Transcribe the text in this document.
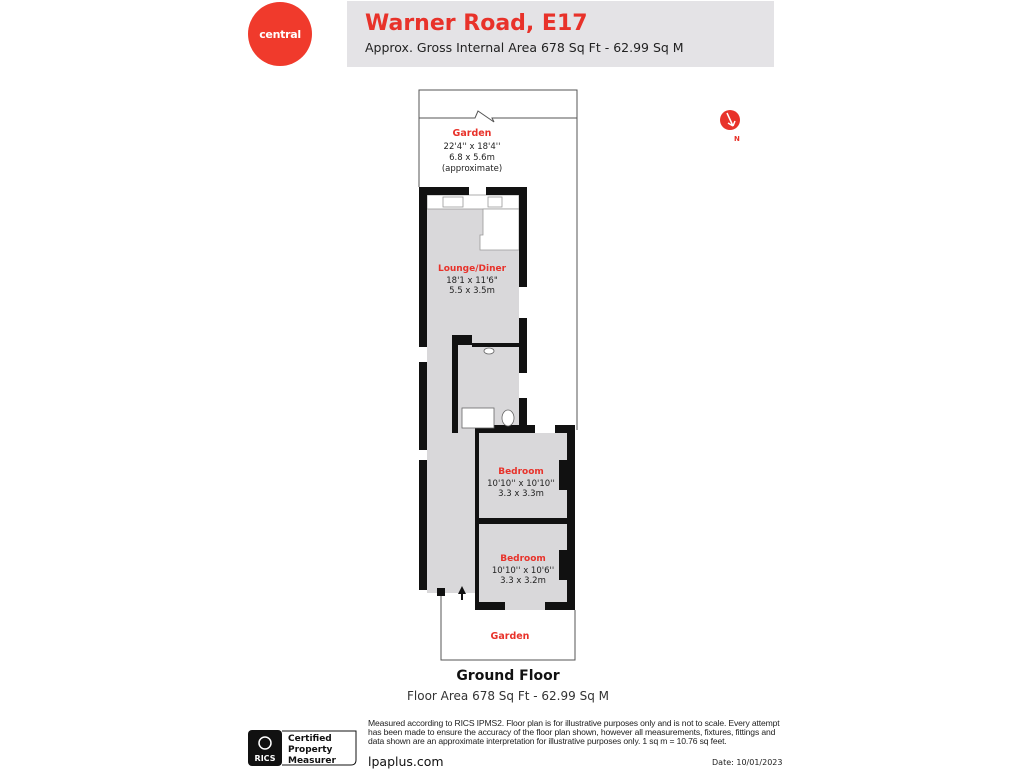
central	Warner Road, E17
Approx. Gross Internal Area 678 Sq Ft - 62.99 Sq M
Garden
22'4'' x 18'4''
6.8 x 5.6m
(approximate)
Lounge/Diner
18'1 x 11'6"
5.5 x 3.5m
Bedroom
10'10'' x 10'10''
3.3 x 3.3m
Bedroom
10'10'' x 10'6''
3.3 x 3.2m
Garden
N
Ground Floor
Floor Area 678 Sq Ft - 62.99 Sq M
RICS
Certified
Property
Measurer
Measured according to RICS IPMS2. Floor plan is for illustrative purposes only and is not to scale. Every attempt has been made to ensure the accuracy of the floor plan shown, however all measurements, fixtures, fittings and data shown are an approximate interpretation for illustrative purposes only. 1 sq m = 10.76 sq feet.
lpaplus.com	Date: 10/01/2023
